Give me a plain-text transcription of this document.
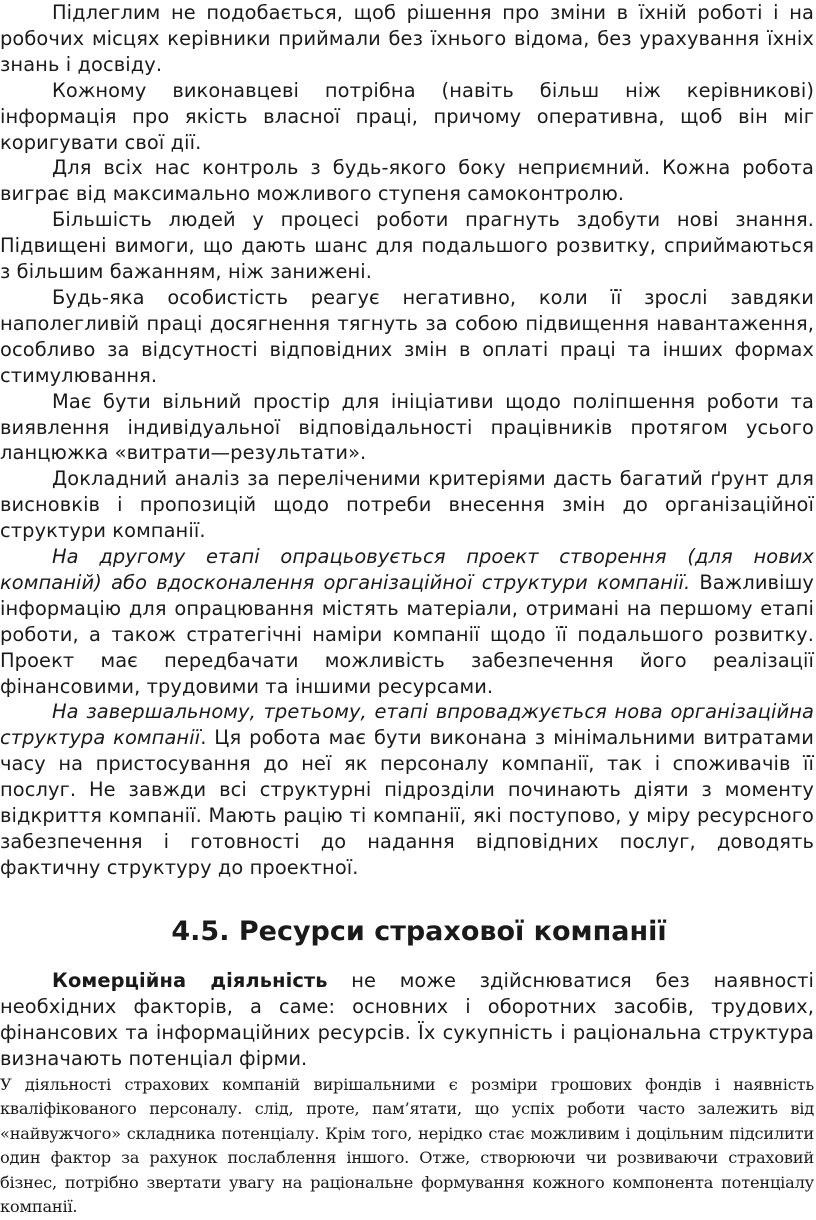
Підлеглим не подобається, щоб рішення про зміни в їхній роботі і на робочих місцях керівники приймали без їхнього відома, без урахування їхніх знань і досвіду.

Кожному виконавцеві потрібна (навіть більш ніж керівникові) інформація про якість власної праці, причому оперативна, щоб він міг коригувати свої дії.

Для всіх нас контроль з будь-якого боку неприємний. Кожна робота виграє від максимально можливого ступеня самоконтролю.

Більшість людей у процесі роботи прагнуть здобути нові знання. Підвищені вимоги, що дають шанс для подальшого розвитку, сприймаються з більшим бажанням, ніж занижені.

Будь-яка особистість реагує негативно, коли її зрослі завдяки наполегливій праці досягнення тягнуть за собою підвищення навантаження, особливо за відсутності відповідних змін в оплаті праці та інших формах стимулювання.

Має бути вільний простір для ініціативи щодо поліпшення роботи та виявлення індивідуальної відповідальності працівників протягом усього ланцюжка «витрати—результати».

Докладний аналіз за переліченими критеріями дасть багатий ґрунт для висновків і пропозицій щодо потреби внесення змін до організаційної структури компанії.

На другому етапі опрацьовується проект створення (для нових компаній) або вдосконалення організаційної структури компанії. Важливішу інформацію для опрацювання містять матеріали, отримані на першому етапі роботи, а також стратегічні наміри компанії щодо її подальшого розвитку. Проект має передбачати можливість забезпечення його реалізації фінансовими, трудовими та іншими ресурсами.

На завершальному, третьому, етапі впроваджується нова організаційна структура компанії. Ця робота має бути виконана з мінімальними витратами часу на пристосування до неї як персоналу компанії, так і споживачів її послуг. Не завжди всі структурні підрозділи починають діяти з моменту відкриття компанії. Мають рацію ті компанії, які поступово, у міру ресурсного забезпечення і готовності до надання відповідних послуг, доводять фактичну структуру до проектної.

4.5. Ресурси страхової компанії

Комерційна діяльність не може здійснюватися без наявності необхідних факторів, а саме: основних і оборотних засобів, трудових, фінансових та інформаційних ресурсів. Їх сукупність і раціональна структура визначають потенціал фірми.

У діяльності страхових компаній вирішальними є розміри грошових фондів і наявність кваліфікованого персоналу. слід, проте, пам’ятати, що успіх роботи часто залежить від «найвужчого» складника потенціалу. Крім того, нерідко стає можливим і доцільним підсилити один фактор за рахунок послаблення іншого. Отже, створюючи чи розвиваючи страховий бізнес, потрібно звертати увагу на раціональне формування кожного компонента потенціалу компанії.
